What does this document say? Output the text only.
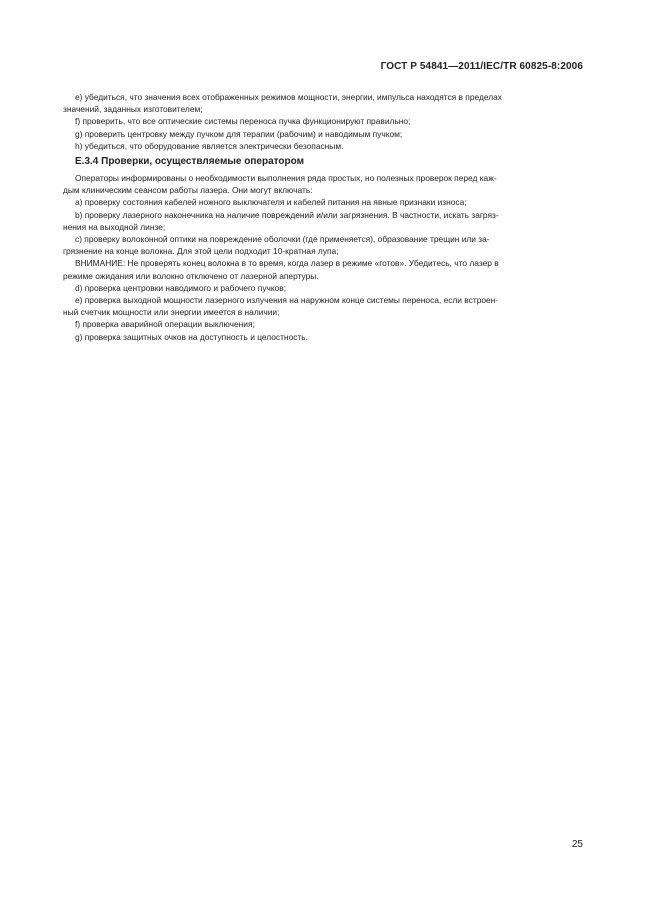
ГОСТ Р 54841—2011/IEC/TR 60825-8:2006

e) убедиться, что значения всех отображенных режимов мощности, энергии, импульса находятся в пределах

значений, заданных изготовителем;

f) проверить, что все оптические системы переноса пучка функционируют правильно;

g) проверить центровку между пучком для терапии (рабочим) и наводимым пучком;

h) убедиться, что оборудование является электрически безопасным.

Е.3.4 Проверки, осуществляемые оператором

Операторы информированы о необходимости выполнения ряда простых, но полезных проверок перед каж-

дым клиническим сеансом работы лазера. Они могут включать:

a) проверку состояния кабелей ножного выключателя и кабелей питания на явные признаки износа;

b) проверку лазерного наконечника на наличие повреждений и/или загрязнения. В частности, искать загряз-

нения на выходной линзе;

c) проверку волоконной оптики на повреждение оболочки (где применяется), образование трещин или за-

грязнение на конце волокна. Для этой цели подходит 10-кратная лупа;

ВНИМАНИЕ: Не проверять конец волокна в то время, когда лазер в режиме «готов». Убедитесь, что лазер в

режиме ожидания или волокно отключено от лазерной апертуры.

d) проверка центровки наводимого и рабочего пучков;

e) проверка выходной мощности лазерного излучения на наружном конце системы переноса, если встроен-

ный счетчик мощности или энергии имеется в наличии;

f) проверка аварийной операции выключения;

g) проверка защитных очков на доступность и целостность.

25
